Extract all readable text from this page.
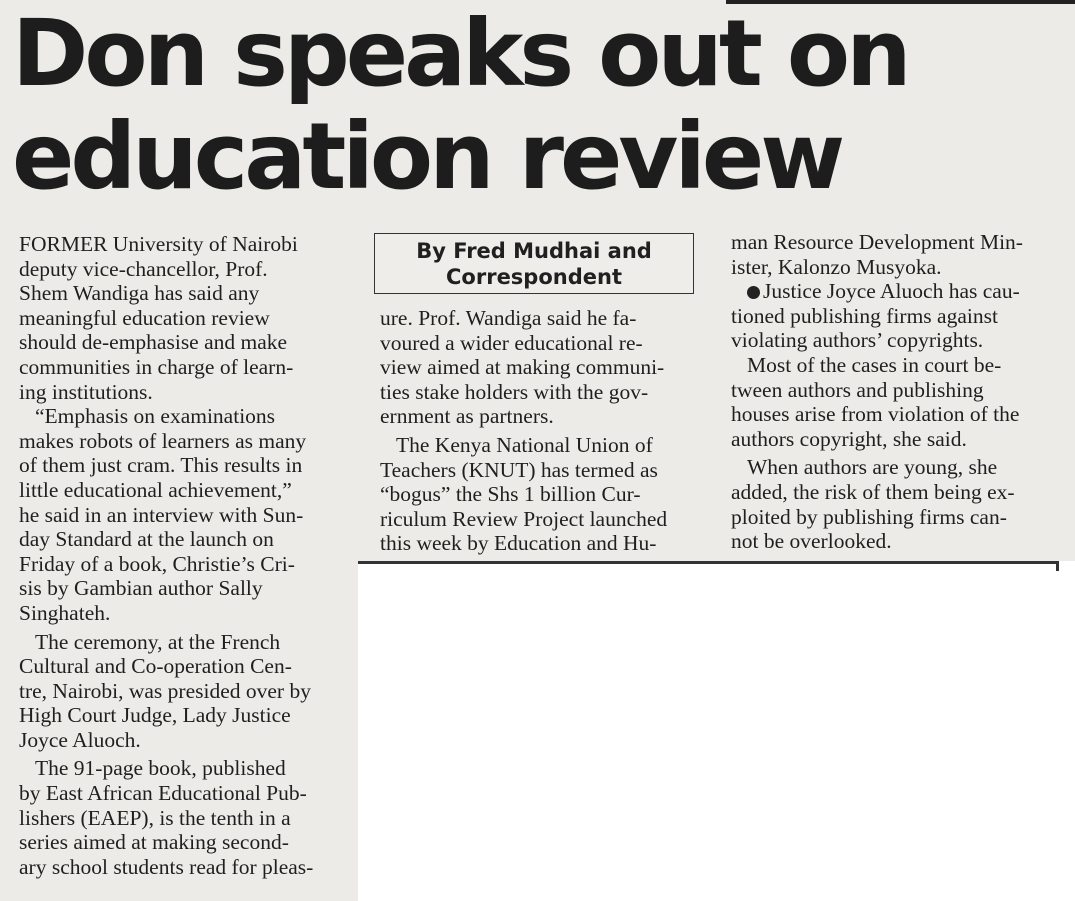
Don speaks out on
education review

FORMER University of Nairobi
deputy vice-chancellor, Prof.
Shem Wandiga has said any
meaningful education review
should de-emphasise and make
communities in charge of learn-
ing institutions.

“Emphasis on examinations
makes robots of learners as many
of them just cram. This results in
little educational achievement,”
he said in an interview with Sun-
day Standard at the launch on
Friday of a book, Christie’s Cri-
sis by Gambian author Sally
Singhateh.

The ceremony, at the French
Cultural and Co-operation Cen-
tre, Nairobi, was presided over by
High Court Judge, Lady Justice
Joyce Aluoch.

The 91-page book, published
by East African Educational Pub-
lishers (EAEP), is the tenth in a
series aimed at making second-
ary school students read for pleas-

By Fred Mudhai and
Correspondent

ure. Prof. Wandiga said he fa-
voured a wider educational re-
view aimed at making communi-
ties stake holders with the gov-
ernment as partners.

The Kenya National Union of
Teachers (KNUT) has termed as
“bogus” the Shs 1 billion Cur-
riculum Review Project launched
this week by Education and Hu-

man Resource Development Min-
ister, Kalonzo Musyoka.

Justice Joyce Aluoch has cau-
tioned publishing firms against
violating authors’ copyrights.

Most of the cases in court be-
tween authors and publishing
houses arise from violation of the
authors copyright, she said.

When authors are young, she
added, the risk of them being ex-
ploited by publishing firms can-
not be overlooked.
